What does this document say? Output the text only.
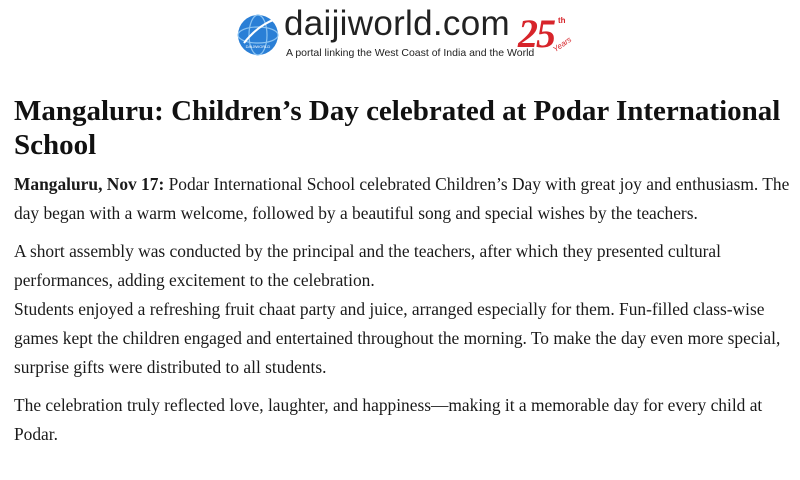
DAIJIWORLD
daijiworld.com
A portal linking the West Coast of India and the World
25 th
Years
Mangaluru: Children’s Day celebrated at Podar International School

Mangaluru, Nov 17: Podar International School celebrated Children’s Day with great joy and enthusiasm. The day began with a warm welcome, followed by a beautiful song and special wishes by the teachers.

A short assembly was conducted by the principal and the teachers, after which they presented cultural performances, adding excitement to the celebration.

Students enjoyed a refreshing fruit chaat party and juice, arranged especially for them. Fun-filled class-wise games kept the children engaged and entertained throughout the morning. To make the day even more special, surprise gifts were distributed to all students.

The celebration truly reflected love, laughter, and happiness—making it a memorable day for every child at Podar.
